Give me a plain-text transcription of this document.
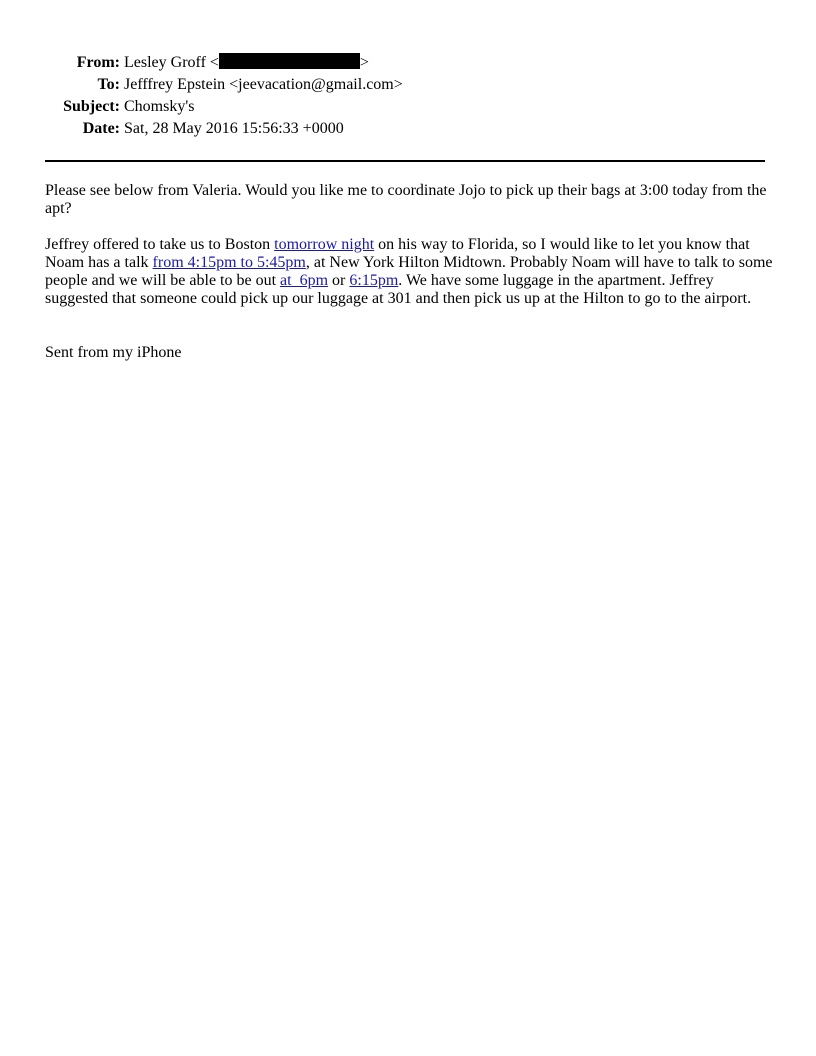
From: Lesley Groff <	>
To: Jefffrey Epstein <jeevacation@gmail.com>
Subject: Chomsky's
Date: Sat, 28 May 2016 15:56:33 +0000

Please see below from Valeria. Would you like me to coordinate Jojo to pick up their bags at 3:00 today from the apt?

Jeffrey offered to take us to Boston tomorrow night on his way to Florida, so I would like to let you know that Noam has a talk from 4:15pm to 5:45pm, at New York Hilton Midtown. Probably Noam will have to talk to some people and we will be able to be out at  6pm or 6:15pm. We have some luggage in the apartment. Jeffrey suggested that someone could pick up our luggage at 301 and then pick us up at the Hilton to go to the airport.

Sent from my iPhone
